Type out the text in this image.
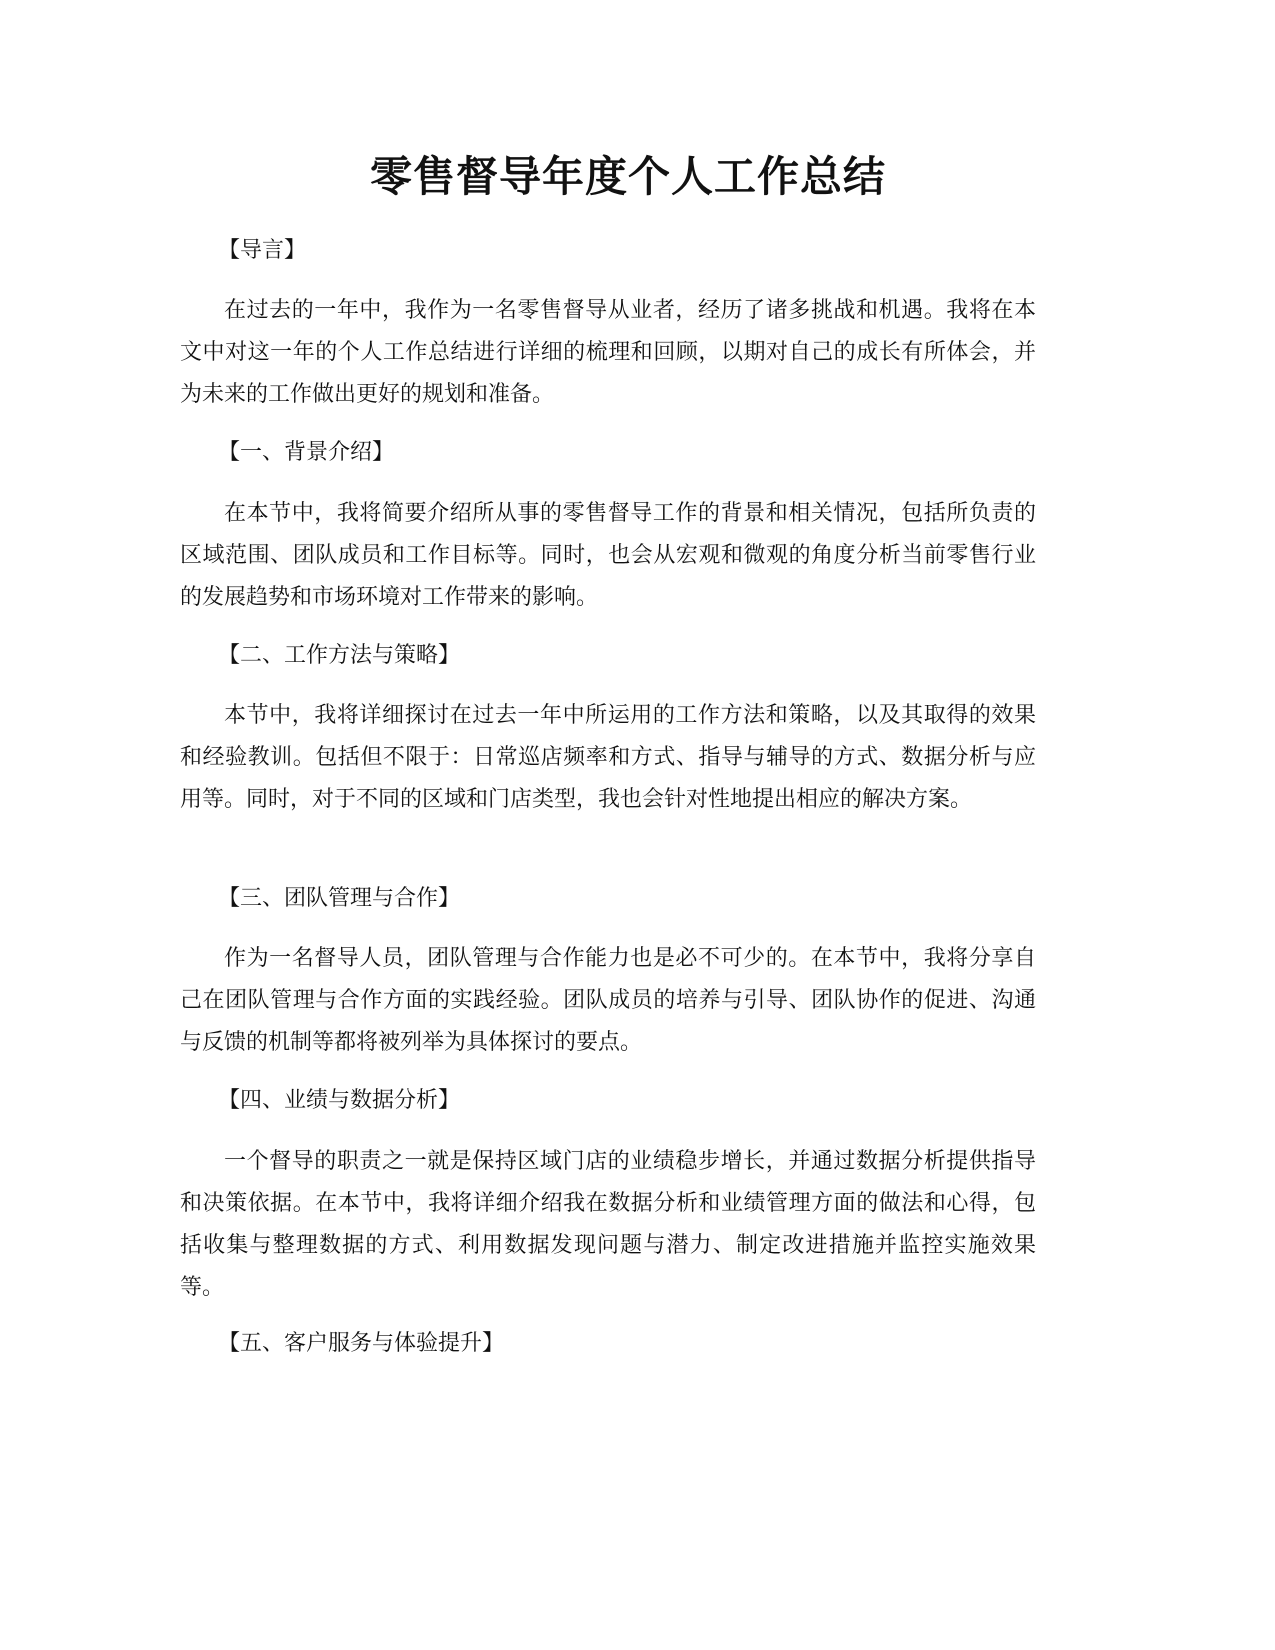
零售督导年度个人工作总结
【导言】

在过去的一年中，我作为一名零售督导从业者，经历了诸多挑战和机遇。我将在本文中对这一年的个人工作总结进行详细的梳理和回顾，以期对自己的成长有所体会，并为未来的工作做出更好的规划和准备。

【一、背景介绍】

在本节中，我将简要介绍所从事的零售督导工作的背景和相关情况，包括所负责的区域范围、团队成员和工作目标等。同时，也会从宏观和微观的角度分析当前零售行业的发展趋势和市场环境对工作带来的影响。

【二、工作方法与策略】

本节中，我将详细探讨在过去一年中所运用的工作方法和策略，以及其取得的效果和经验教训。包括但不限于：日常巡店频率和方式、指导与辅导的方式、数据分析与应用等。同时，对于不同的区域和门店类型，我也会针对性地提出相应的解决方案。

【三、团队管理与合作】

作为一名督导人员，团队管理与合作能力也是必不可少的。在本节中，我将分享自己在团队管理与合作方面的实践经验。团队成员的培养与引导、团队协作的促进、沟通与反馈的机制等都将被列举为具体探讨的要点。

【四、业绩与数据分析】

一个督导的职责之一就是保持区域门店的业绩稳步增长，并通过数据分析提供指导和决策依据。在本节中，我将详细介绍我在数据分析和业绩管理方面的做法和心得，包括收集与整理数据的方式、利用数据发现问题与潜力、制定改进措施并监控实施效果等。

【五、客户服务与体验提升】
